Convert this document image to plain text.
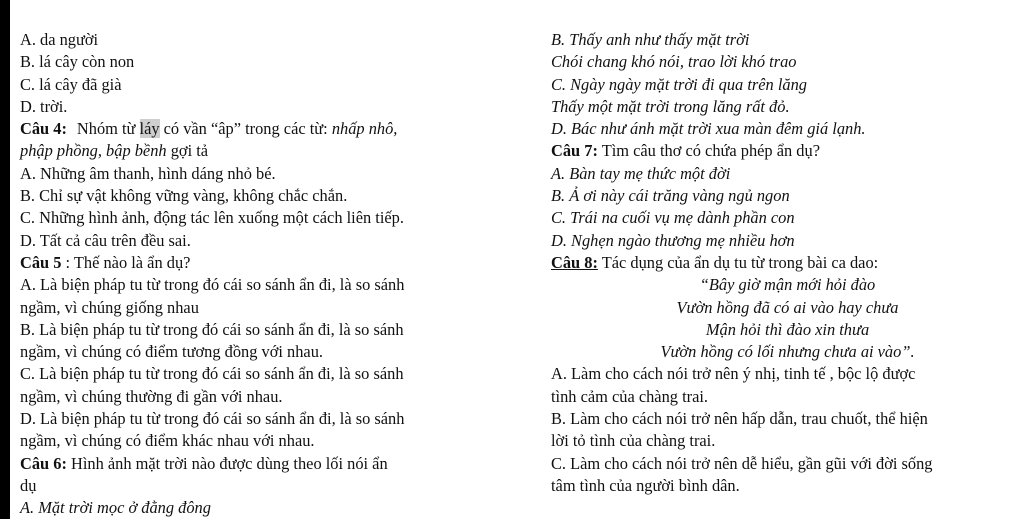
A. da người
B. lá cây còn non
C. lá cây đã già
D. trời.
Câu 4: Nhóm từ láy có vần “âp” trong các từ: nhấp nhô,
phập phồng, bập bềnh gợi tả
A. Những âm thanh, hình dáng nhỏ bé.
B. Chỉ sự vật không vững vàng, không chắc chắn.
C. Những hình ảnh, động tác lên xuống một cách liên tiếp.
D. Tất cả câu trên đều sai.
Câu 5 : Thế nào là ẩn dụ?
A. Là biện pháp tu từ trong đó cái so sánh ẩn đi, là so sánh
ngầm, vì chúng giống nhau
B. Là biện pháp tu từ trong đó cái so sánh ẩn đi, là so sánh
ngầm, vì chúng có điểm tương đồng với nhau.
C. Là biện pháp tu từ trong đó cái so sánh ẩn đi, là so sánh
ngầm, vì chúng thường đi gần với nhau.
D. Là biện pháp tu từ trong đó cái so sánh ẩn đi, là so sánh
ngầm, vì chúng có điểm khác nhau với nhau.
Câu 6: Hình ảnh mặt trời nào được dùng theo lối nói ẩn
dụ
A. Mặt trời mọc ở đằng đông
B. Thấy anh như thấy mặt trời
Chói chang khó nói, trao lời khó trao
C. Ngày ngày mặt trời đi qua trên lăng
Thấy một mặt trời trong lăng rất đỏ.
D. Bác như ánh mặt trời xua màn đêm giá lạnh.
Câu 7: Tìm câu thơ có chứa phép ẩn dụ?
A. Bàn tay mẹ thức một đời
B. Ả ơi này cái trăng vàng ngủ ngon
C. Trái na cuối vụ mẹ dành phần con
D. Nghẹn ngào thương mẹ nhiều hơn
Câu 8: Tác dụng của ẩn dụ tu từ trong bài ca dao:
“Bây giờ mận mới hỏi đào
Vườn hồng đã có ai vào hay chưa
Mận hỏi thì đào xin thưa
Vườn hồng có lối nhưng chưa ai vào”.
A. Làm cho cách nói trở nên ý nhị, tinh tế , bộc lộ được
tình cảm của chàng trai.
B. Làm cho cách nói trở nên hấp dẫn, trau chuốt, thể hiện
lời tỏ tình của chàng trai.
C. Làm cho cách nói trở nên dễ hiểu, gần gũi với đời sống
tâm tình của người bình dân.
